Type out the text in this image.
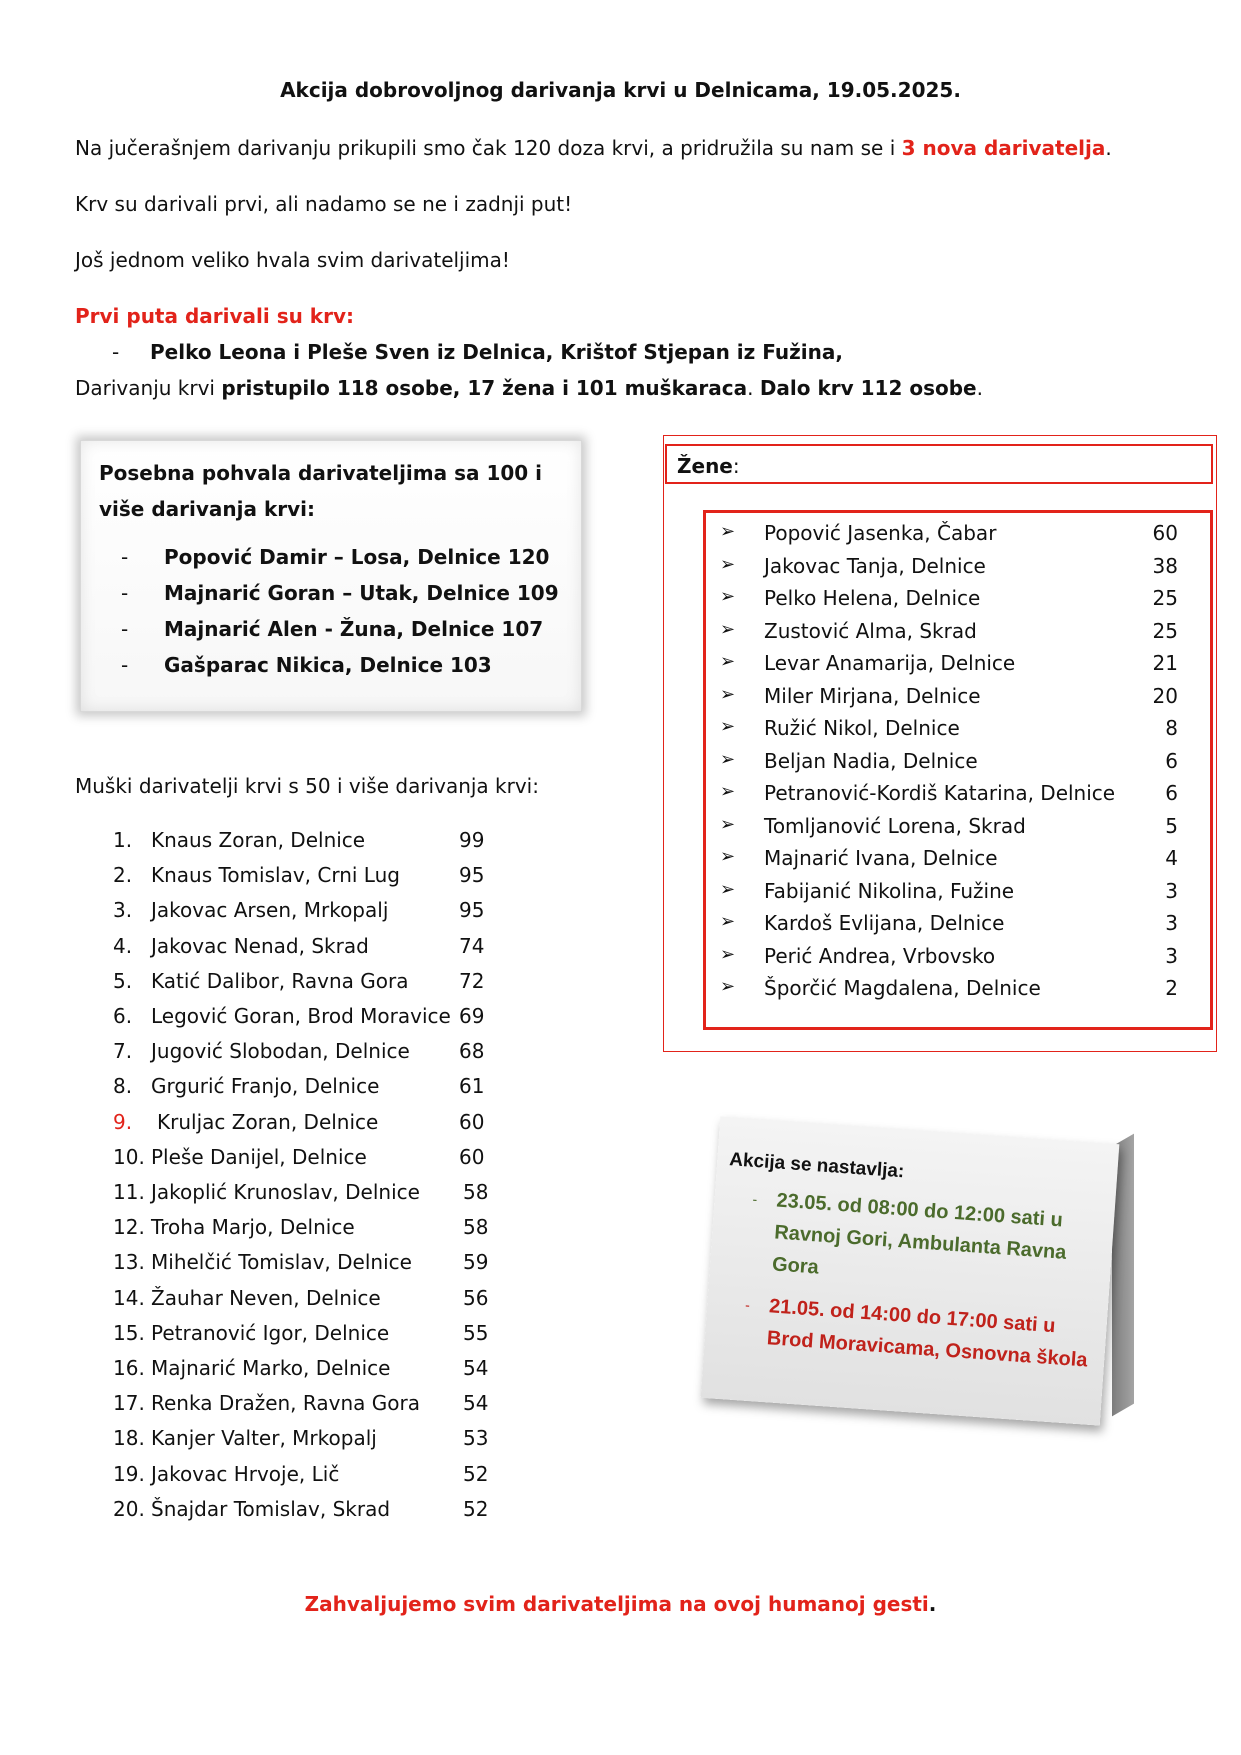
Akcija dobrovoljnog darivanja krvi u Delnicama, 19.05.2025.
Na jučerašnjem darivanju prikupili smo čak 120 doza krvi, a pridružila su nam se i 3 nova darivatelja.
Krv su darivali prvi, ali nadamo se ne i zadnji put!
Još jednom veliko hvala svim darivateljima!
Prvi puta darivali su krv:
- Pelko Leona i Pleše Sven iz Delnica, Krištof Stjepan iz Fužina,
Darivanju krvi pristupilo 118 osobe, 17 žena i 101 muškaraca. Dalo krv 112 osobe.
Posebna pohvala darivateljima sa 100 i više darivanja krvi:
- Popović Damir – Losa, Delnice 120
- Majnarić Goran – Utak, Delnice 109
- Majnarić Alen - Žuna, Delnice 107
- Gašparac Nikica, Delnice 103
Žene:
➢ Popović Jasenka, Čabar	60
➢ Jakovac Tanja, Delnice	38
➢ Pelko Helena, Delnice	25
➢ Zustović Alma, Skrad	25
➢ Levar Anamarija, Delnice	21
➢ Miler Mirjana, Delnice	20
➢ Ružić Nikol, Delnice	8
➢ Beljan Nadia, Delnice	6
➢ Petranović-Kordiš Katarina, Delnice	6
➢ Tomljanović Lorena, Skrad	5
➢ Majnarić Ivana, Delnice	4
➢ Fabijanić Nikolina, Fužine	3
➢ Kardoš Evlijana, Delnice	3
➢ Perić Andrea, Vrbovsko	3
➢ Šporčić Magdalena, Delnice	2
Muški darivatelji krvi s 50 i više darivanja krvi:
1. Knaus Zoran, Delnice	99
2. Knaus Tomislav, Crni Lug	95
3. Jakovac Arsen, Mrkopalj	95
4. Jakovac Nenad, Skrad	74
5. Katić Dalibor, Ravna Gora	72
6. Legović Goran, Brod Moravice 69
7. Jugović Slobodan, Delnice 68
8. Grgurić Franjo, Delnice	61
9. Kruljac Zoran, Delnice	60
10. Pleše Danijel, Delnice	60
11. Jakoplić Krunoslav, Delnice 58
12. Troha Marjo, Delnice	58
13. Mihelčić Tomislav, Delnice	59
14. Žauhar Neven, Delnice	56
15. Petranović Igor, Delnice	55
16. Majnarić Marko, Delnice	54
17. Renka Dražen, Ravna Gora 54
18. Kanjer Valter, Mrkopalj	53
19. Jakovac Hrvoje, Lič	52
20. Šnajdar Tomislav, Skrad	52
Akcija se nastavlja:
- 23.05. od 08:00 do 12:00 sati u Ravnoj Gori, Ambulanta Ravna Gora
- 21.05. od 14:00 do 17:00 sati u Brod Moravicama, Osnovna škola
Zahvaljujemo svim darivateljima na ovoj humanoj gesti.
